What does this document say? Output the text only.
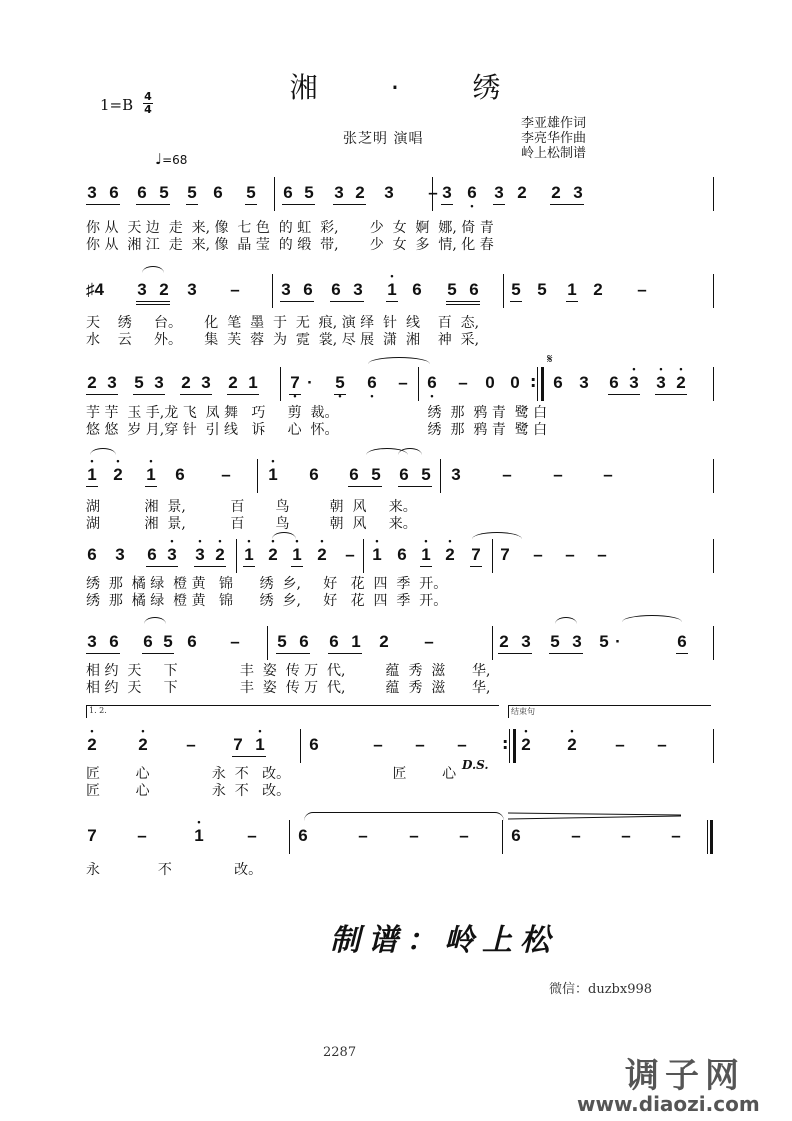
湘	·	绣
1=B 4
4
张芝明 演唱
李亚雄作词
李亮华作曲
岭上松制谱
♩=68
3 6 6 5 5 6 5 6 5 3 2 3 – 3 • 6 3 2 2 3
你 从  天 边  走  来, 像  七 色  的 虹  彩,       少  女  婀  娜, 倚 青
你 从  湘 江  走  来, 像  晶 莹  的 缎  带,       少  女  多  情, 化 春
♯4 3 2 3 – 3 6 6 3 • 1 6 5 6 5 5 1 2 –
天    绣     台。     化  笔  墨  于  无  痕, 演 绎  针  线    百  态,
水    云     外。     集  芙  蓉  为  霓  裳, 尽 展  潇  湘    神  采,
𝄋
2 3 5 3 2 3 2 1 • 7 · • 5 • 6 – • 6 – 0 0 : 6 3 6 • 3 • 3 • 2
芋 芋  玉 手,龙 飞  凤 舞   巧     剪  裁。                    绣  那  鸦 青  鹭 白
悠 悠  岁 月,穿 针  引 线   诉     心  怀。                    绣  那  鸦 青  鹭 白
• 1 • 2 • 1 6 – • 1 6 6 5 6 5 3 – – –
湖          湘  景,          百       鸟         朝  风     来。
湖          湘  景,          百       鸟         朝  风     来。
6 3 6 • 3 • 3 • 2 • 1 • 2 • 1 • 2 – • 1 6 • 1 • 2 7 7 – – –
绣  那  橘 绿  橙 黄   锦      绣  乡,     好   花  四  季  开。
绣  那  橘 绿  橙 黄   锦      绣  乡,     好   花  四  季  开。
3 6 6 5 6 – 5 6 6 1 2 –	2 3 5 3 5 ·	6
相 约  天     下              丰  姿  传 万  代,         蕴  秀  滋      华,
相 约  天     下              丰  姿  传 万  代,         蕴  秀  滋      华,
1. 2.	结束句
• 2 • 2 – 7 • 1	6	– – – : • 2 • 2 – –
D.S.
匠        心              永  不   改。                       匠        心
匠        心              永  不   改。
7 –	• 1	– 6	– – –	6	– – –
永             不              改。
制谱：岭上松
微信：duzbx998
2287
调子网
www.diaozi.com
